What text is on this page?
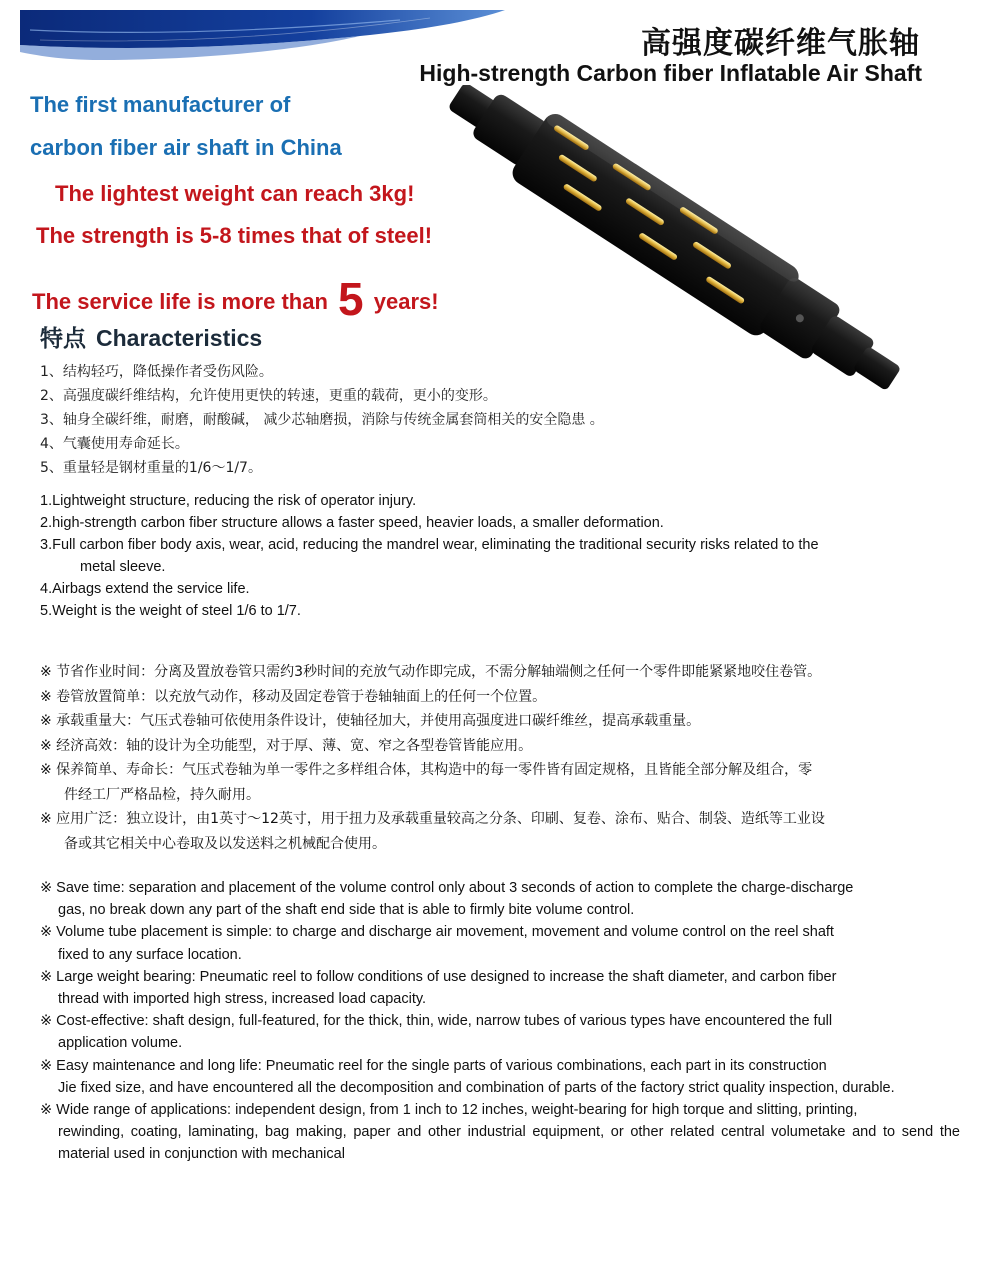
高强度碳纤维气胀轴
High-strength Carbon fiber Inflatable Air Shaft
The first manufacturer of
carbon fiber air shaft in China
The lightest weight can reach 3kg!
The strength is 5-8 times that of steel!
The service life is more than 5 years!
特点 Characteristics
1、结构轻巧，降低操作者受伤风险。
2、高强度碳纤维结构，允许使用更快的转速，更重的载荷，更小的变形。
3、轴身全碳纤维，耐磨，耐酸碱， 减少芯轴磨损，消除与传统金属套筒相关的安全隐患 。
4、气囊使用寿命延长。
5、重量轻是钢材重量的1/6～1/7。
1.Lightweight structure, reducing the risk of operator injury.
2.high-strength carbon fiber structure allows a faster speed, heavier loads, a smaller deformation.
3.Full carbon fiber body axis, wear, acid, reducing the mandrel wear, eliminating the traditional security risks related to the
metal sleeve.
4.Airbags extend the service life.
5.Weight is the weight of steel 1/6 to 1/7.
※ 节省作业时间：分离及置放卷管只需约3秒时间的充放气动作即完成，不需分解轴端侧之任何一个零件即能紧紧地咬住卷管。
※ 卷管放置简单：以充放气动作，移动及固定卷管于卷轴轴面上的任何一个位置。
※ 承载重量大：气压式卷轴可依使用条件设计，使轴径加大，并使用高强度进口碳纤维丝，提高承载重量。
※ 经济高效：轴的设计为全功能型，对于厚、薄、宽、窄之各型卷管皆能应用。
※ 保养简单、寿命长：气压式卷轴为单一零件之多样组合体，其构造中的每一零件皆有固定规格，且皆能全部分解及组合，零
件经工厂严格品检，持久耐用。
※ 应用广泛：独立设计，由1英寸～12英寸，用于扭力及承载重量较高之分条、印刷、复卷、涂布、贴合、制袋、造纸等工业设
备或其它相关中心卷取及以发送料之机械配合使用。
※ Save time: separation and placement of the volume control only about 3 seconds of action to complete the charge-discharge
gas, no break down any part of the shaft end side that is able to firmly bite volume control.
※ Volume tube placement is simple: to charge and discharge air movement, movement and volume control on the reel shaft
fixed to any surface location.
※ Large weight bearing: Pneumatic reel to follow conditions of use designed to increase the shaft diameter, and carbon fiber
thread with imported high stress, increased load capacity.
※ Cost-effective: shaft design, full-featured, for the thick, thin, wide, narrow tubes of various types have encountered the full
application volume.
※ Easy maintenance and long life: Pneumatic reel for the single parts of various combinations, each part in its construction
Jie fixed size, and have encountered all the decomposition and combination of parts of the factory strict quality inspection, durable.
※ Wide range of applications: independent design, from 1 inch to 12 inches, weight-bearing for high torque and slitting, printing,
rewinding, coating, laminating, bag making, paper and other industrial equipment, or other related central volumetake and to send the material used in conjunction with mechanical
